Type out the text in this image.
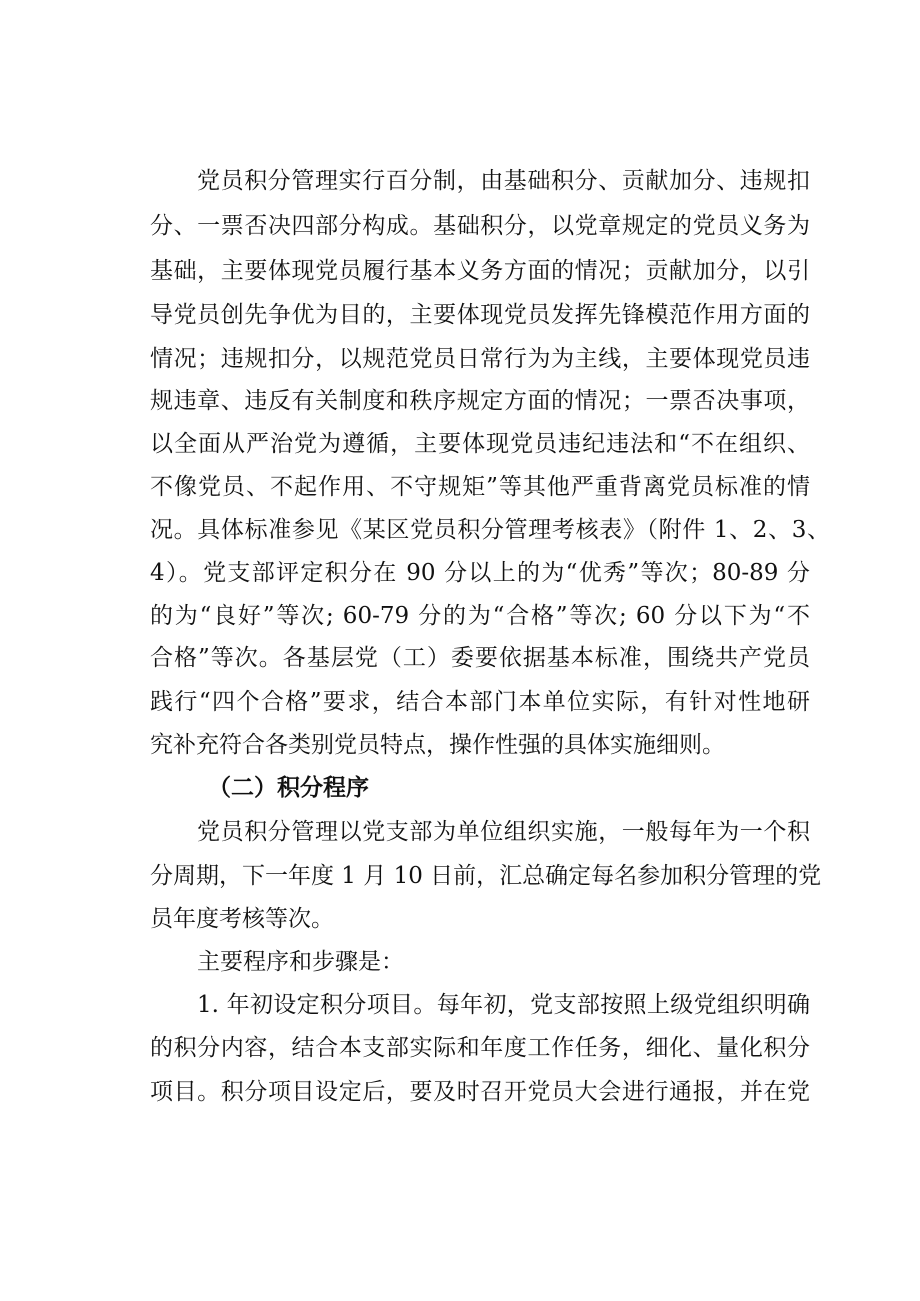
党员积分管理实行百分制，由基础积分、贡献加分、违规扣
分、一票否决四部分构成。基础积分，以党章规定的党员义务为
基础，主要体现党员履行基本义务方面的情况；贡献加分，以引
导党员创先争优为目的，主要体现党员发挥先锋模范作用方面的
情况；违规扣分，以规范党员日常行为为主线，主要体现党员违
规违章、违反有关制度和秩序规定方面的情况；一票否决事项，
以全面从严治党为遵循，主要体现党员违纪违法和“不在组织、
不像党员、不起作用、不守规矩”等其他严重背离党员标准的情
况。具体标准参见《某区党员积分管理考核表》（附件 1、2、3、
4）。党支部评定积分在 90 分以上的为“优秀”等次；80-89 分
的为“良好”等次; 60-79 分的为“合格”等次; 60 分以下为“不
合格”等次。各基层党（工）委要依据基本标准，围绕共产党员
践行“四个合格”要求，结合本部门本单位实际，有针对性地研
究补充符合各类别党员特点，操作性强的具体实施细则。
（二）积分程序
党员积分管理以党支部为单位组织实施，一般每年为一个积
分周期，下一年度 1 月 10 日前，汇总确定每名参加积分管理的党
员年度考核等次。
主要程序和步骤是：
1. 年初设定积分项目。每年初，党支部按照上级党组织明确
的积分内容，结合本支部实际和年度工作任务，细化、量化积分
项目。积分项目设定后，要及时召开党员大会进行通报，并在党
